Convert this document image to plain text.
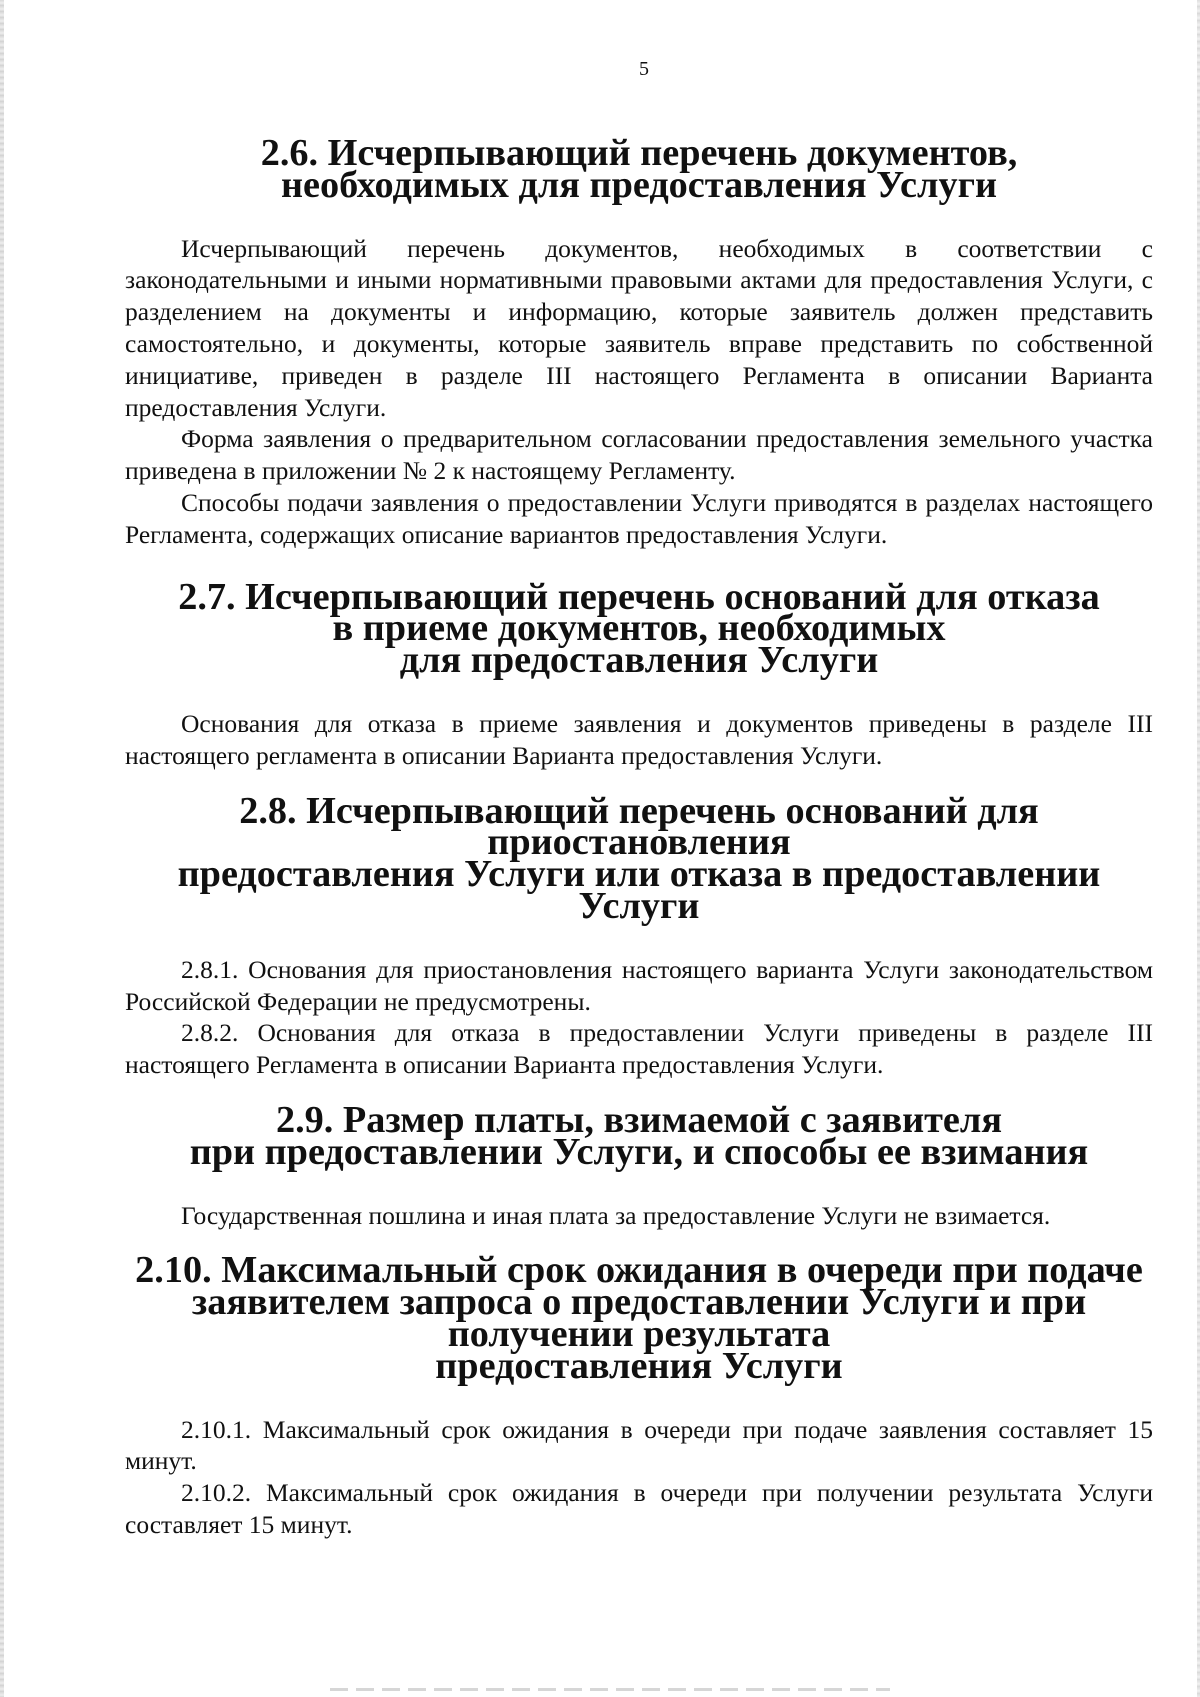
5
2.6. Исчерпывающий перечень документов,
необходимых для предоставления Услуги

Исчерпывающий перечень документов, необходимых в соответствии с законодательными и иными нормативными правовыми актами для предоставления Услуги, с разделением на документы и информацию, которые заявитель должен представить самостоятельно, и документы, которые заявитель вправе представить по собственной инициативе, приведен в разделе III настоящего Регламента в описании Варианта предоставления Услуги.

Форма заявления о предварительном согласовании предоставления земельного участка приведена в приложении № 2 к настоящему Регламенту.

Способы подачи заявления о предоставлении Услуги приводятся в разделах настоящего Регламента, содержащих описание вариантов предоставления Услуги.

2.7. Исчерпывающий перечень оснований для отказа
в приеме документов, необходимых
для предоставления Услуги

Основания для отказа в приеме заявления и документов приведены в разделе III настоящего регламента в описании Варианта предоставления Услуги.

2.8. Исчерпывающий перечень оснований для приостановления
предоставления Услуги или отказа в предоставлении Услуги

2.8.1. Основания для приостановления настоящего варианта Услуги законодательством Российской Федерации не предусмотрены.

2.8.2. Основания для отказа в предоставлении Услуги приведены в разделе III настоящего Регламента в описании Варианта предоставления Услуги.

2.9. Размер платы, взимаемой с заявителя
при предоставлении Услуги, и способы ее взимания

Государственная пошлина и иная плата за предоставление Услуги не взимается.

2.10. Максимальный срок ожидания в очереди при подаче
заявителем запроса о предоставлении Услуги и при получении результата
предоставления Услуги

2.10.1. Максимальный срок ожидания в очереди при подаче заявления составляет 15 минут.

2.10.2. Максимальный срок ожидания в очереди при получении результата Услуги составляет 15 минут.
